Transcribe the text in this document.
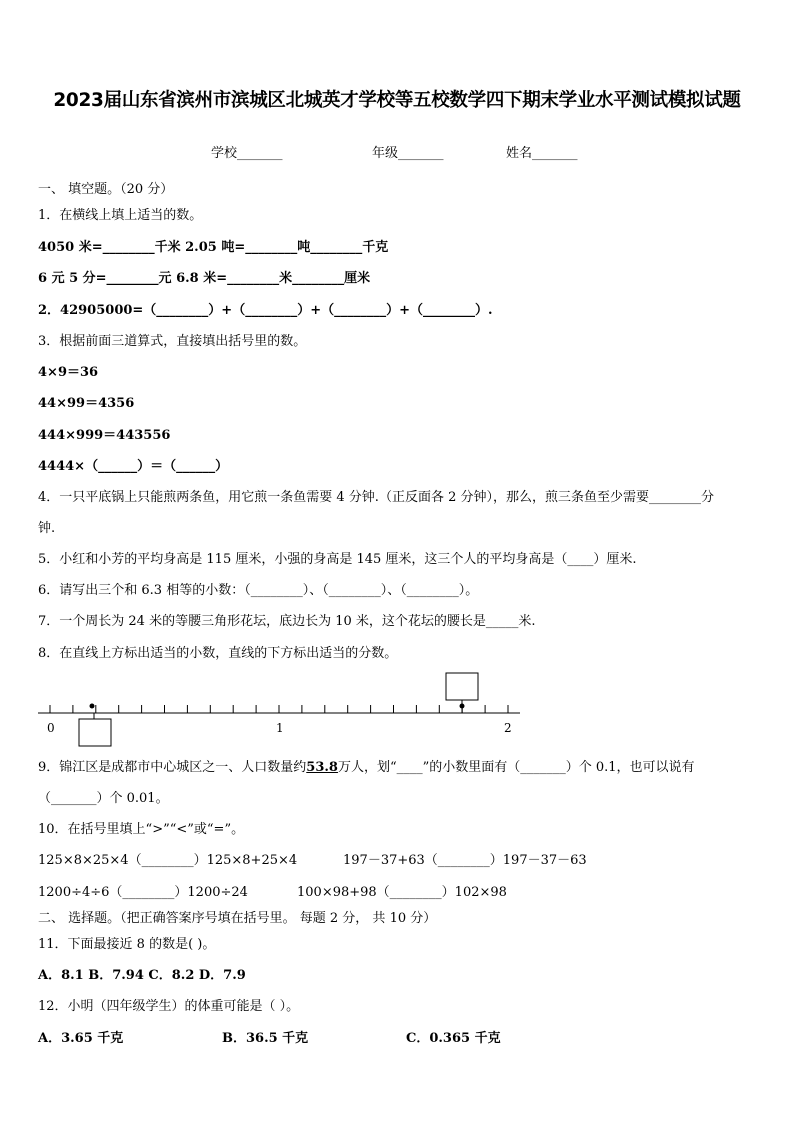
2023届山东省滨州市滨城区北城英才学校等五校数学四下期末学业水平测试模拟试题
学校_______	年级_______	姓名_______
一、 填空题。（20 分）
1．在横线上填上适当的数。
4050 米=________千米 2.05 吨=________吨________千克
6 元 5 分=________元 6.8 米=________米________厘米
2．42905000=（________）+（________）+（________）+（________）.
3．根据前面三道算式，直接填出括号里的数。
4×9＝36
44×99＝4356
444×999＝443556
4444×（______）＝（______）
4．一只平底锅上只能煎两条鱼，用它煎一条鱼需要 4 分钟.（正反面各 2 分钟），那么，煎三条鱼至少需要________分
钟.
5．小红和小芳的平均身高是 115 厘米，小强的身高是 145 厘米，这三个人的平均身高是（____）厘米.
6．请写出三个和 6.3 相等的小数：（________）、（________）、（________）。
7．一个周长为 24 米的等腰三角形花坛，底边长为 10 米，这个花坛的腰长是_____米.
8．在直线上方标出适当的小数，直线的下方标出适当的分数。
0	1	2
9．锦江区是成都市中心城区之一、人口数量约53.8万人，划“____”的小数里面有（_______）个 0.1，也可以说有
（_______）个 0.01。
10．在括号里填上“>”“<”或“=”。
125×8×25×4（________）125×8+25×4	197－37+63（________）197－37－63
1200÷4÷6（________）1200÷24	100×98+98（________）102×98
二、 选择题。（把正确答案序号填在括号里。 每题 2 分， 共 10 分）
11．下面最接近 8 的数是( )。
A．8.1 B．7.94 C．8.2 D．7.9
12．小明（四年级学生）的体重可能是（ ）。
A．3.65 千克	B．36.5 千克	C．0.365 千克
